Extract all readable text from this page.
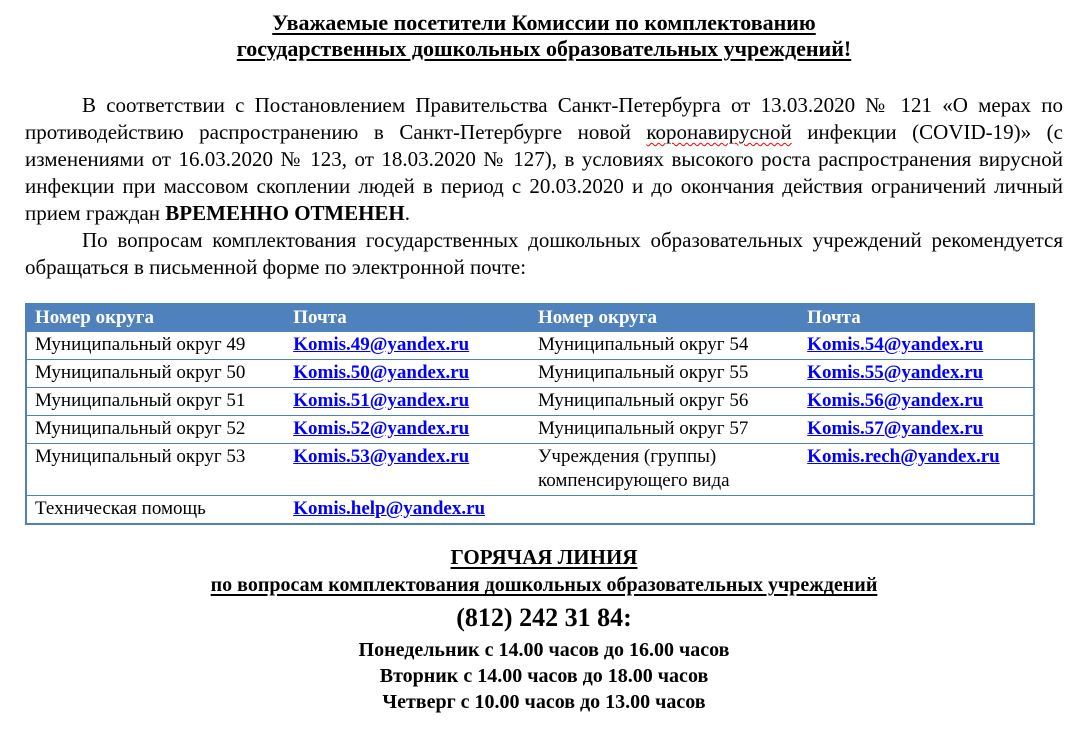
Уважаемые посетители Комиссии по комплектованию
государственных дошкольных образовательных учреждений!

В соответствии с Постановлением Правительства Санкт-Петербурга от 13.03.2020 № 121 «О мерах по противодействию распространению в Санкт-Петербурге новой коронавирусной инфекции (COVID-19)» (с изменениями от 16.03.2020 № 123, от 18.03.2020 № 127), в условиях высокого роста распространения вирусной инфекции при массовом скоплении людей в период с 20.03.2020 и до окончания действия ограничений личный прием граждан ВРЕМЕННО ОТМЕНЕН.

По вопросам комплектования государственных дошкольных образовательных учреждений рекомендуется обращаться в письменной форме по электронной почте:

Номер округа	Почта	Номер округа	Почта
Муниципальный округ 49	Komis.49@yandex.ru	Муниципальный округ 54	Komis.54@yandex.ru
Муниципальный округ 50	Komis.50@yandex.ru	Муниципальный округ 55	Komis.55@yandex.ru
Муниципальный округ 51	Komis.51@yandex.ru	Муниципальный округ 56	Komis.56@yandex.ru
Муниципальный округ 52	Komis.52@yandex.ru	Муниципальный округ 57	Komis.57@yandex.ru
Муниципальный округ 53	Komis.53@yandex.ru	Учреждения (группы) компенсирующего вида	Komis.rech@yandex.ru
Техническая помощь	Komis.help@yandex.ru		

ГОРЯЧАЯ ЛИНИЯ

по вопросам комплектования дошкольных образовательных учреждений

(812) 242 31 84:

Понедельник с 14.00 часов до 16.00 часов

Вторник с 14.00 часов до 18.00 часов

Четверг с 10.00 часов до 13.00 часов
